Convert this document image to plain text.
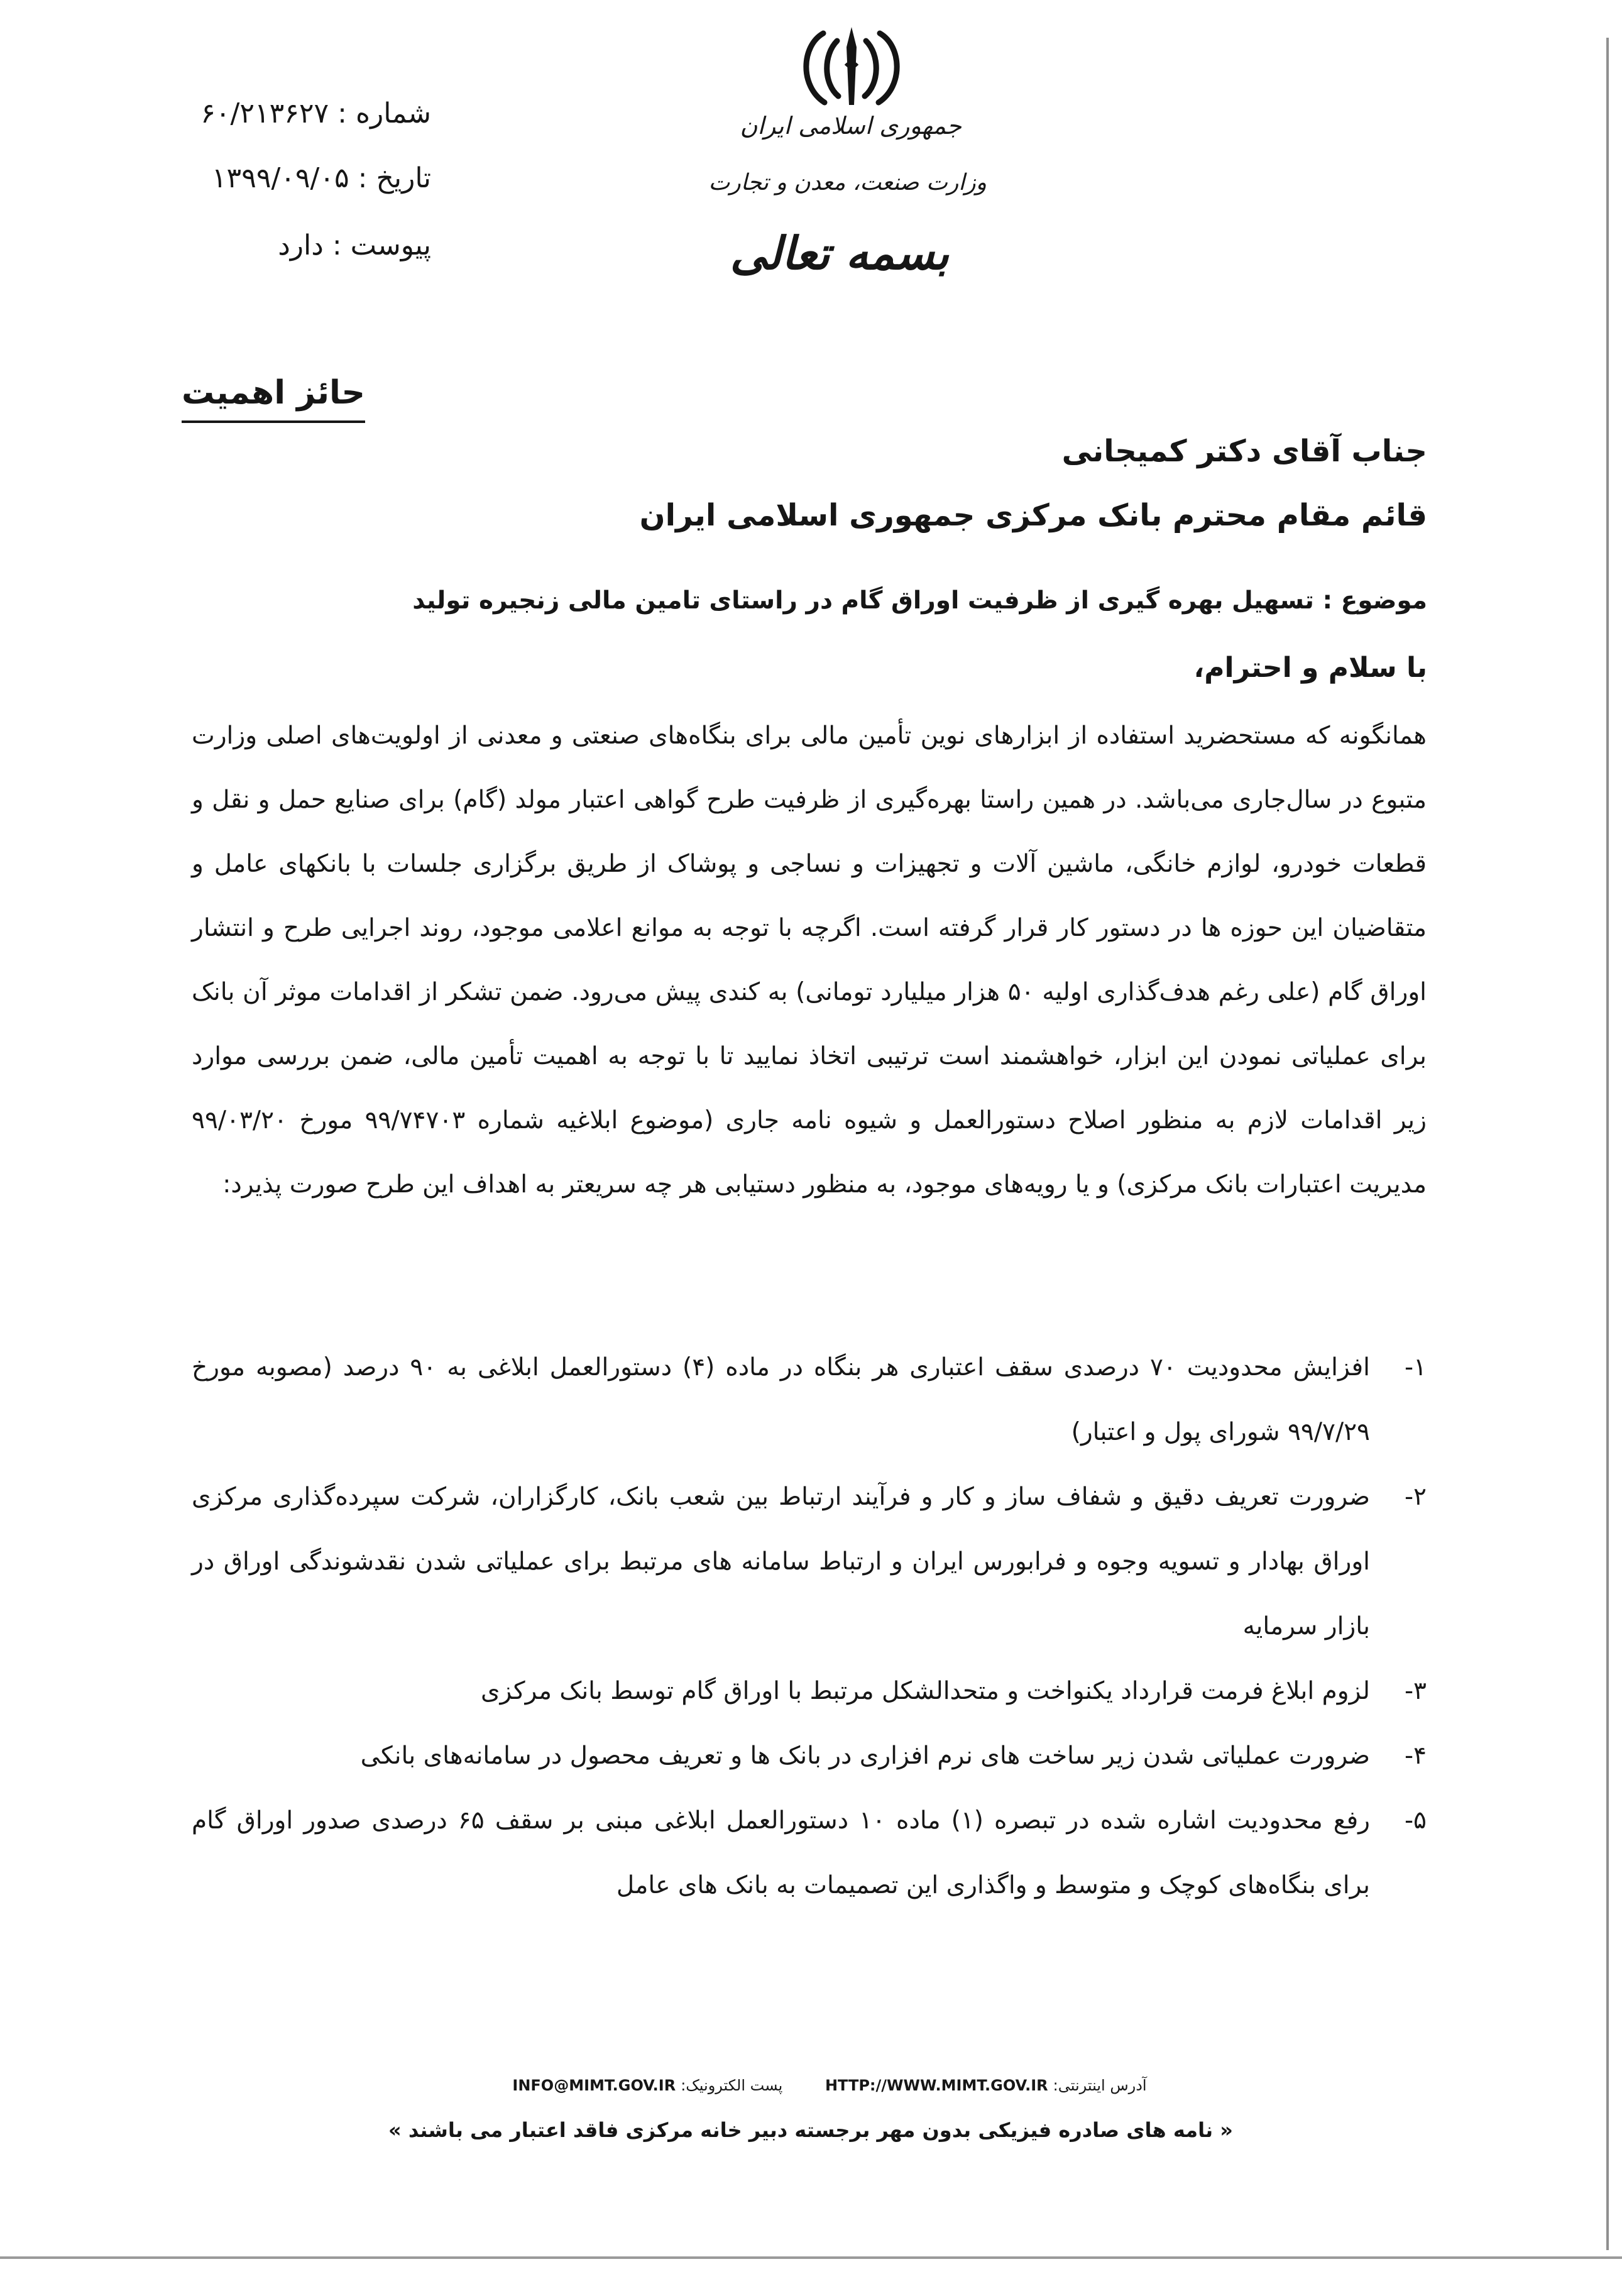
جمهوری اسلامی ایران
وزارت صنعت، معدن و تجارت
بسمه تعالی
شماره : ۶۰/۲۱۳۶۲۷
تاریخ : ۱۳۹۹/۰۹/۰۵
پیوست : دارد
حائز اهمیت
جناب آقای دکتر کمیجانی
قائم مقام محترم بانک مرکزی جمهوری اسلامی ایران
موضوع : تسهیل بهره گیری از ظرفیت اوراق گام در راستای تامین مالی زنجیره تولید
با سلام و احترام،

همانگونه که مستحضرید استفاده از ابزارهای نوین تأمین مالی برای بنگاه‌های صنعتی و معدنی از اولویت‌های اصلی وزارت متبوع در سال‌جاری می‌باشد. در همین راستا بهره‌گیری از ظرفیت طرح گواهی اعتبار مولد (گام) برای صنایع حمل و نقل و قطعات خودرو، لوازم خانگی، ماشین آلات و تجهیزات و نساجی و پوشاک از طریق برگزاری جلسات با بانکهای عامل و متقاضیان این حوزه ها در دستور کار قرار گرفته است. اگرچه با توجه به موانع اعلامی موجود، روند اجرایی طرح و انتشار اوراق گام (علی رغم هدف‌گذاری اولیه ۵۰ هزار میلیارد تومانی) به کندی پیش می‌رود. ضمن تشکر از اقدامات موثر آن بانک برای عملیاتی نمودن این ابزار، خواهشمند است ترتیبی اتخاذ نمایید تا با توجه به اهمیت تأمین مالی، ضمن بررسی موارد زیر اقدامات لازم به منظور اصلاح دستورالعمل و شیوه نامه جاری (موضوع ابلاغیه شماره ۹۹/۷۴۷۰۳ مورخ ۹۹/۰۳/۲۰ مدیریت اعتبارات بانک مرکزی) و یا رویه‌های موجود، به منظور دستیابی هر چه سریعتر به اهداف این طرح صورت پذیرد:

۱-
افزایش محدودیت ۷۰ درصدی سقف اعتباری هر بنگاه در ماده (۴) دستورالعمل ابلاغی به ۹۰ درصد (مصوبه مورخ ۹۹/۷/۲۹ شورای پول و اعتبار)
۲-
ضرورت تعریف دقیق و شفاف ساز و کار و فرآیند ارتباط بین شعب بانک، کارگزاران، شرکت سپرده‌گذاری مرکزی اوراق بهادار و تسویه وجوه و فرابورس ایران و ارتباط سامانه های مرتبط برای عملیاتی شدن نقدشوندگی اوراق در بازار سرمایه
۳-
لزوم ابلاغ فرمت قرارداد یکنواخت و متحدالشکل مرتبط با اوراق گام توسط بانک مرکزی
۴-
ضرورت عملیاتی شدن زیر ساخت های نرم افزاری در بانک ها و تعریف محصول در سامانه‌های بانکی
۵-
رفع محدودیت اشاره شده در تبصره (۱) ماده ۱۰ دستورالعمل ابلاغی مبنی بر سقف ۶۵ درصدی صدور اوراق گام برای بنگاه‌های کوچک و متوسط و واگذاری این تصمیمات به بانک های عامل
آدرس اینترنتی:HTTP://WWW.MIMT.GOV.IR پست الکترونیک:INFO@MIMT.GOV.IR
« نامه های صادره فیزیکی بدون مهر برجسته دبیر خانه مرکزی فاقد اعتبار می باشند »
